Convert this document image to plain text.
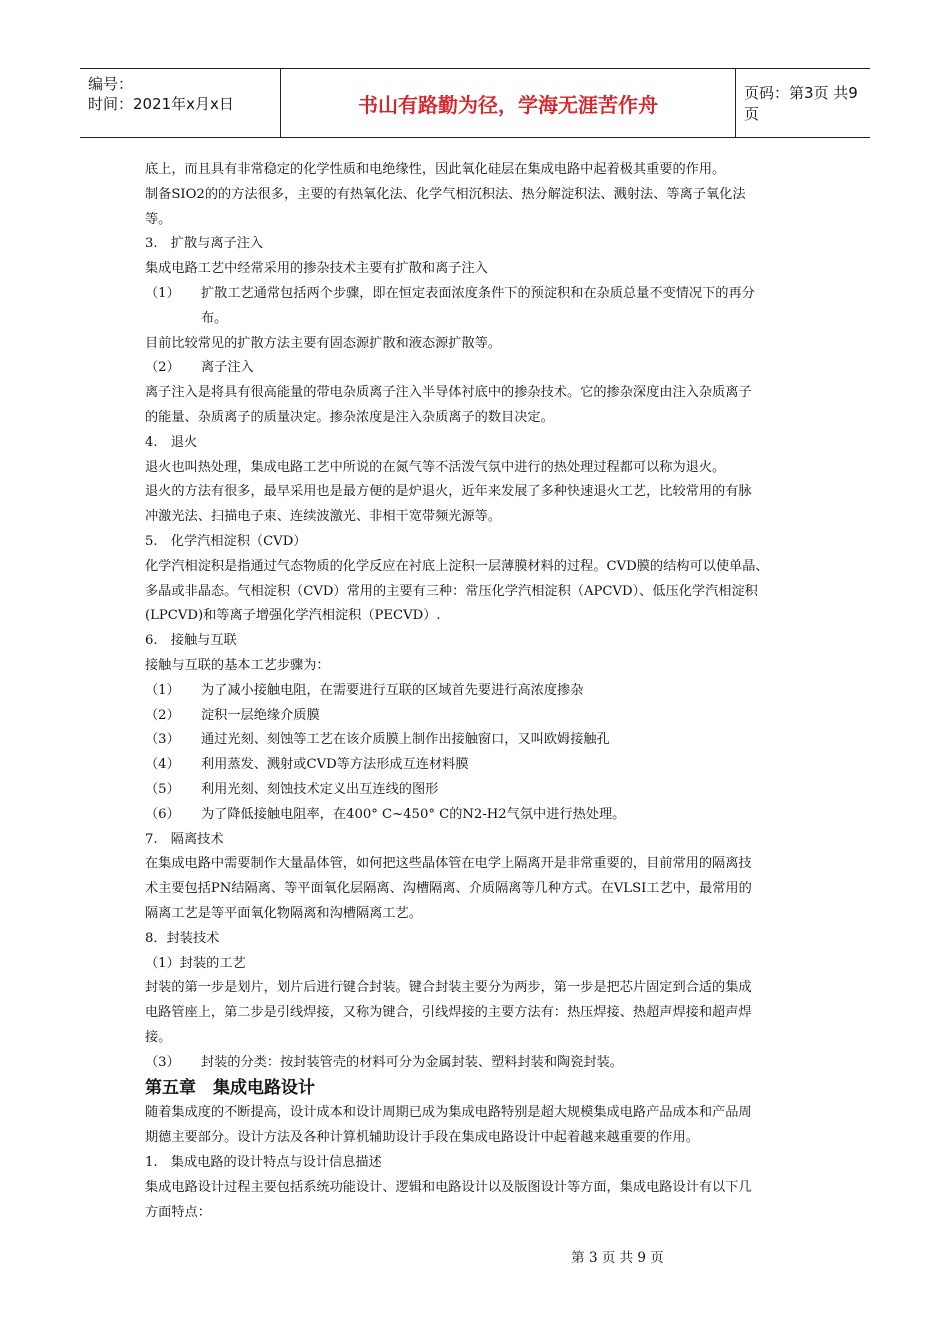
编号：
时间：2021年x月x日	书山有路勤为径，学海无涯苦作舟	页码：第3页 共9页
底上，而且具有非常稳定的化学性质和电绝缘性，因此氧化硅层在集成电路中起着极其重要的作用。
制备SIO2的的方法很多，主要的有热氧化法、化学气相沉积法、热分解淀积法、溅射法、等离子氧化法
等。
3.　扩散与离子注入
集成电路工艺中经常采用的掺杂技术主要有扩散和离子注入
（1） 扩散工艺通常包括两个步骤，即在恒定表面浓度条件下的预淀积和在杂质总量不变情况下的再分
布。
目前比较常见的扩散方法主要有固态源扩散和液态源扩散等。
（2） 离子注入
离子注入是将具有很高能量的带电杂质离子注入半导体衬底中的掺杂技术。它的掺杂深度由注入杂质离子
的能量、杂质离子的质量决定。掺杂浓度是注入杂质离子的数目决定。
4.　退火
退火也叫热处理，集成电路工艺中所说的在氮气等不活泼气氛中进行的热处理过程都可以称为退火。
退火的方法有很多，最早采用也是最方便的是炉退火，近年来发展了多种快速退火工艺，比较常用的有脉
冲激光法、扫描电子束、连续波激光、非相干宽带频光源等。
5.　化学汽相淀积（CVD）
化学汽相淀积是指通过气态物质的化学反应在衬底上淀积一层薄膜材料的过程。CVD膜的结构可以使单晶、
多晶或非晶态。气相淀积（CVD）常用的主要有三种：常压化学汽相淀积（APCVD）、低压化学汽相淀积
(LPCVD)和等离子增强化学汽相淀积（PECVD）.
6.　接触与互联
接触与互联的基本工艺步骤为：
（1） 为了减小接触电阻，在需要进行互联的区域首先要进行高浓度掺杂
（2） 淀积一层绝缘介质膜
（3） 通过光刻、刻蚀等工艺在该介质膜上制作出接触窗口，又叫欧姆接触孔
（4） 利用蒸发、溅射或CVD等方法形成互连材料膜
（5） 利用光刻、刻蚀技术定义出互连线的图形
（6） 为了降低接触电阻率，在400° C~450° C的N2-H2气氛中进行热处理。
7.　隔离技术
在集成电路中需要制作大量晶体管，如何把这些晶体管在电学上隔离开是非常重要的，目前常用的隔离技
术主要包括PN结隔离、等平面氧化层隔离、沟槽隔离、介质隔离等几种方式。在VLSI工艺中，最常用的
隔离工艺是等平面氧化物隔离和沟槽隔离工艺。
8．封装技术
（1）封装的工艺
封装的第一步是划片，划片后进行键合封装。键合封装主要分为两步，第一步是把芯片固定到合适的集成
电路管座上，第二步是引线焊接，又称为键合，引线焊接的主要方法有：热压焊接、热超声焊接和超声焊
接。
（3） 封装的分类：按封装管壳的材料可分为金属封装、塑料封装和陶瓷封装。
第五章　集成电路设计
随着集成度的不断提高，设计成本和设计周期已成为集成电路特别是超大规模集成电路产品成本和产品周
期德主要部分。设计方法及各种计算机辅助设计手段在集成电路设计中起着越来越重要的作用。
1.　集成电路的设计特点与设计信息描述
集成电路设计过程主要包括系统功能设计、逻辑和电路设计以及版图设计等方面，集成电路设计有以下几
方面特点：
第 3 页 共 9 页
